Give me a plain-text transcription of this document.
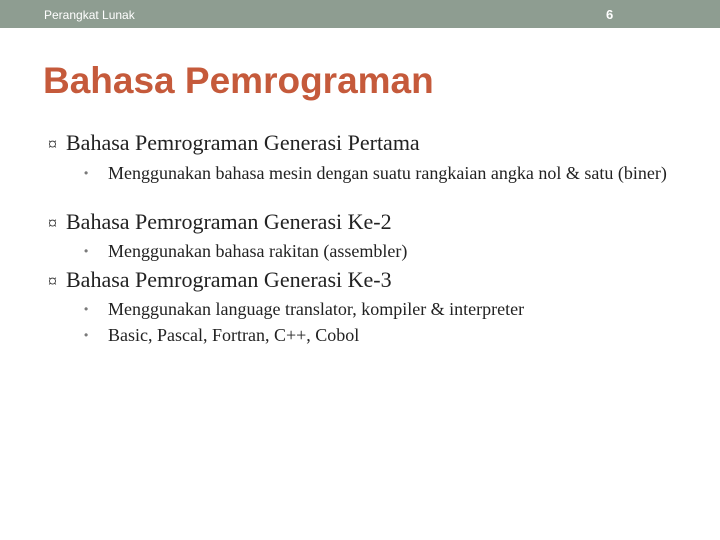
Perangkat Lunak	6
Bahasa Pemrograman
¤ Bahasa Pemrograman Generasi Pertama
• Menggunakan bahasa mesin dengan suatu rangkaian angka nol & satu (biner)
¤ Bahasa Pemrograman Generasi Ke-2
• Menggunakan bahasa rakitan (assembler)
¤ Bahasa Pemrograman Generasi Ke-3
• Menggunakan language translator, kompiler & interpreter
• Basic, Pascal, Fortran, C++, Cobol
